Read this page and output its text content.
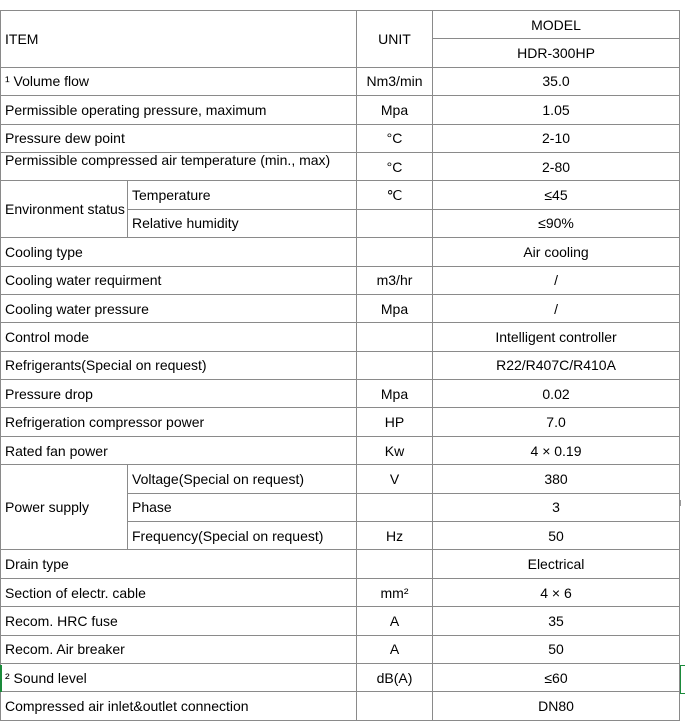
ITEM		UNIT	MODEL
			HDR-300HP
¹ Volume flow		Nm3/min	35.0
Permissible operating pressure, maximum		Mpa	1.05
Pressure dew point		°C	2-10

Permissible compressed air temperature (min., max)		°C	2-80
Environment status	Temperature	℃	≤45
	Relative humidity		≤90%
Cooling type			Air cooling
Cooling water requirment		m3/hr	/
Cooling water pressure		Mpa	/
Control mode			Intelligent controller
Refrigerants(Special on request)			R22/R407C/R410A
Pressure drop		Mpa	0.02
Refrigeration compressor power		HP	7.0
Rated fan power		Kw	4 × 0.19
Power supply	Voltage(Special on request)	V	380
	Phase		3
	Frequency(Special on request)	Hz	50
Drain type			Electrical
Section of electr. cable		mm²	4 × 6
Recom. HRC fuse		A	35
Recom. Air breaker		A	50
² Sound level		dB(A)	≤60
Compressed air inlet&outlet connection			DN80
